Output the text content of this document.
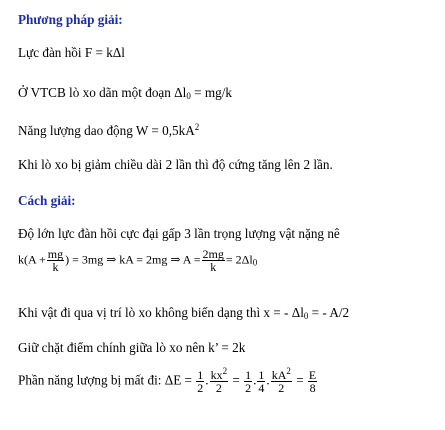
Phương pháp giải:
Lực đàn hồi F = kΔl
Ở VTCB lò xo dãn một đoạn $\Delta l_0 = mg/k$
Năng lượng dao động $W = 0,5kA^2$
Khi lò xo bị giảm chiều dài 2 lần thì độ cứng tăng lên 2 lần.
Cách giải:
Độ lớn lực đàn hồi cực đại gấp 3 lần trọng lượng vật nặng nê
$k(A + \frac{mg}{k}$ ) = 3mg ⇒ kA = 2mg ⇒ $A = \frac{2mg}{k} = 2\Delta l_0$
Khi vật đi qua vị trí lò xo không biến dạng thì x = - $\Delta l_0$ = - A/2
Giữ chặt điểm chính giữa lò xo nên k’ = 2k
Phần năng lượng bị mất đi: $\Delta E = \frac{1}{2}$ . $\frac{kx^2}{2} = \frac{1}{2}$ . $\frac{1}{4}$ . $\frac{kA^2}{2} = \frac{E}{8}$
